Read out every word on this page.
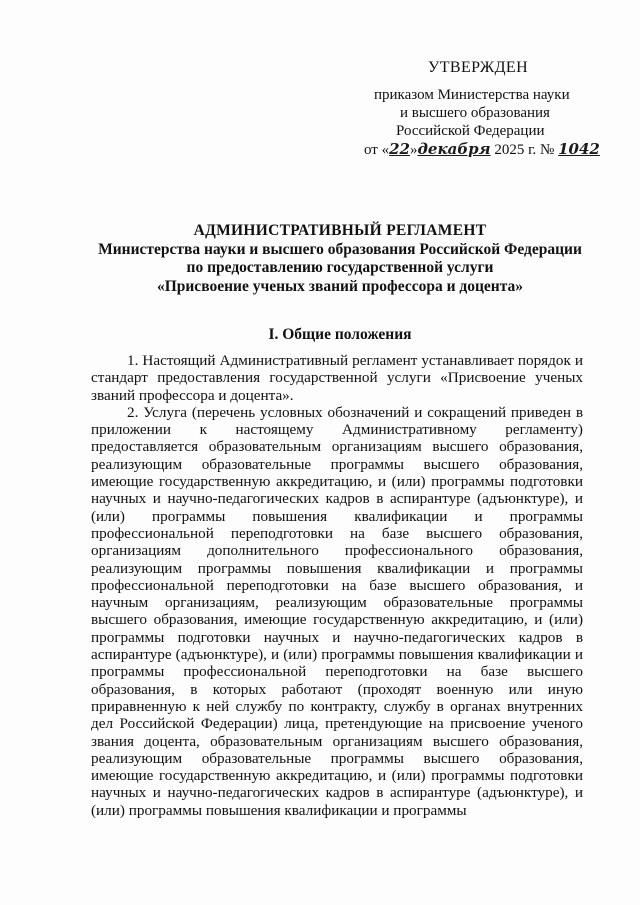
УТВЕРЖДЕН
приказом Министерства науки
и высшего образования
Российской Федерации
от «22»декабря 2025 г. № 1042
АДМИНИСТРАТИВНЫЙ РЕГЛАМЕНТ
Министерства науки и высшего образования Российской Федерации
по предоставлению государственной услуги
«Присвоение ученых званий профессора и доцента»
I. Общие положения

1. Настоящий Административный регламент устанавливает порядок и стандарт предоставления государственной услуги «Присвоение ученых званий профессора и доцента».

2. Услуга (перечень условных обозначений и сокращений приведен в приложении к настоящему Административному регламенту) предоставляется образовательным организациям высшего образования, реализующим образовательные программы высшего образования, имеющие государственную аккредитацию, и (или) программы подготовки научных и научно-педагогических кадров в аспирантуре (адъюнктуре), и (или) программы повышения квалификации и программы профессиональной переподготовки на базе высшего образования, организациям дополнительного профессионального образования, реализующим программы повышения квалификации и программы профессиональной переподготовки на базе высшего образования, и научным организациям, реализующим образовательные программы высшего образования, имеющие государственную аккредитацию, и (или) программы подготовки научных и научно-педагогических кадров в аспирантуре (адъюнктуре), и (или) программы повышения квалификации и программы профессиональной переподготовки на базе высшего образования, в которых работают (проходят военную или иную приравненную к ней службу по контракту, службу в органах внутренних дел Российской Федерации) лица, претендующие на присвоение ученого звания доцента, образовательным организациям высшего образования, реализующим образовательные программы высшего образования, имеющие государственную аккредитацию, и (или) программы подготовки научных и научно-педагогических кадров в аспирантуре (адъюнктуре), и (или) программы повышения квалификации и программы
